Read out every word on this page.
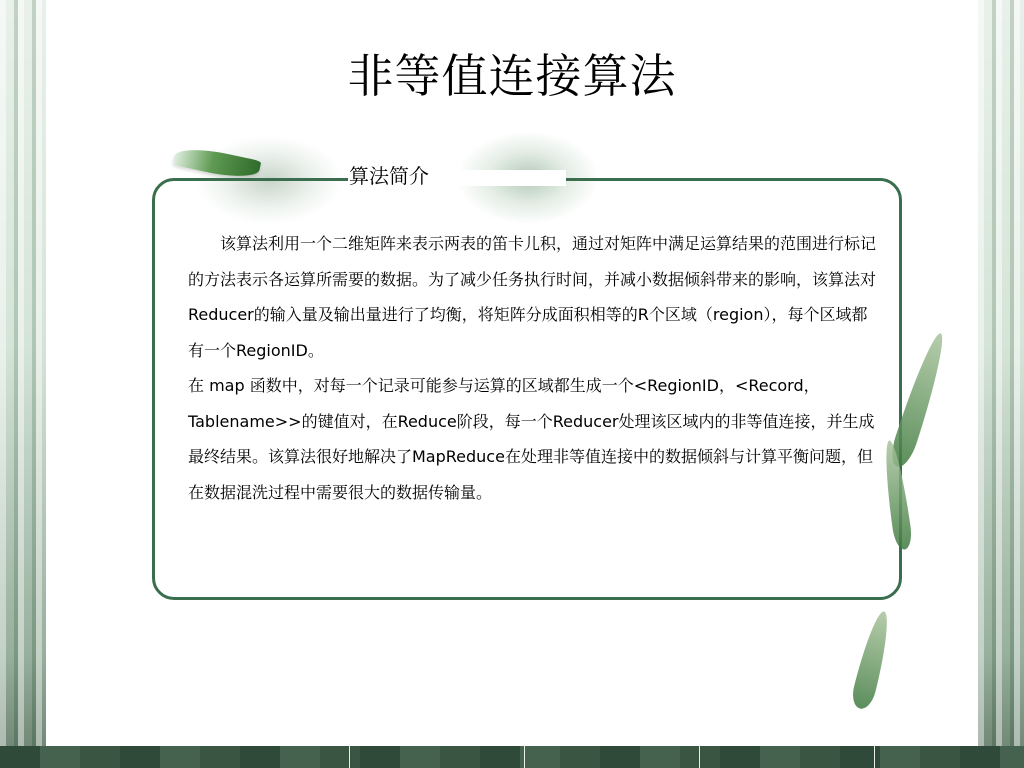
非等值连接算法
算法简介

该算法利用一个二维矩阵来表示两表的笛卡儿积，通过对矩阵中满足运算结果的范围进行标记的方法表示各运算所需要的数据。为了减少任务执行时间，并减小数据倾斜带来的影响，该算法对Reducer的输入量及输出量进行了均衡，将矩阵分成面积相等的R个区域（region），每个区域都有一个RegionID。

在 map 函数中，对每一个记录可能参与运算的区域都生成一个<RegionID，<Record，Tablename>>的键值对，在Reduce阶段，每一个Reducer处理该区域内的非等值连接，并生成最终结果。该算法很好地解决了MapReduce在处理非等值连接中的数据倾斜与计算平衡问题，但在数据混洗过程中需要很大的数据传输量。
